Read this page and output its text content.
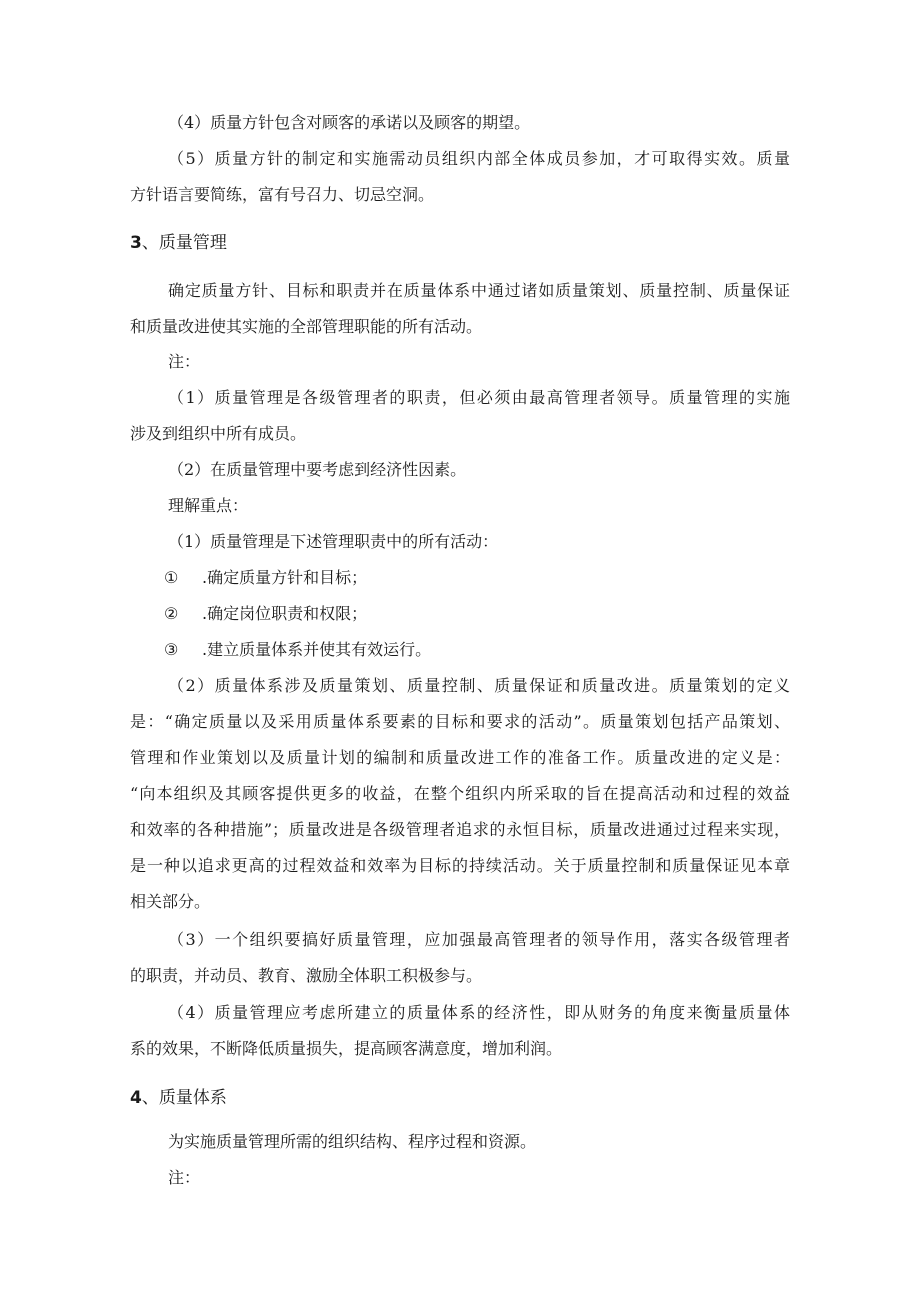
（4）质量方针包含对顾客的承诺以及顾客的期望。
（5）质量方针的制定和实施需动员组织内部全体成员参加，才可取得实效。质量
方针语言要简练，富有号召力、切忌空洞。
3、质量管理
确定质量方针、目标和职责并在质量体系中通过诸如质量策划、质量控制、质量保证
和质量改进使其实施的全部管理职能的所有活动。
注：
（1）质量管理是各级管理者的职责，但必须由最高管理者领导。质量管理的实施
涉及到组织中所有成员。
（2）在质量管理中要考虑到经济性因素。
理解重点：
（1）质量管理是下述管理职责中的所有活动：
① .确定质量方针和目标；
② .确定岗位职责和权限；
③ .建立质量体系并使其有效运行。
（2）质量体系涉及质量策划、质量控制、质量保证和质量改进。质量策划的定义
是：“确定质量以及采用质量体系要素的目标和要求的活动”。质量策划包括产品策划、
管理和作业策划以及质量计划的编制和质量改进工作的准备工作。质量改进的定义是：
“向本组织及其顾客提供更多的收益，在整个组织内所采取的旨在提高活动和过程的效益
和效率的各种措施”；质量改进是各级管理者追求的永恒目标，质量改进通过过程来实现，
是一种以追求更高的过程效益和效率为目标的持续活动。关于质量控制和质量保证见本章
相关部分。
（3）一个组织要搞好质量管理，应加强最高管理者的领导作用，落实各级管理者
的职责，并动员、教育、激励全体职工积极参与。
（4）质量管理应考虑所建立的质量体系的经济性，即从财务的角度来衡量质量体
系的效果，不断降低质量损失，提高顾客满意度，增加利润。
4、质量体系
为实施质量管理所需的组织结构、程序过程和资源。
注：
